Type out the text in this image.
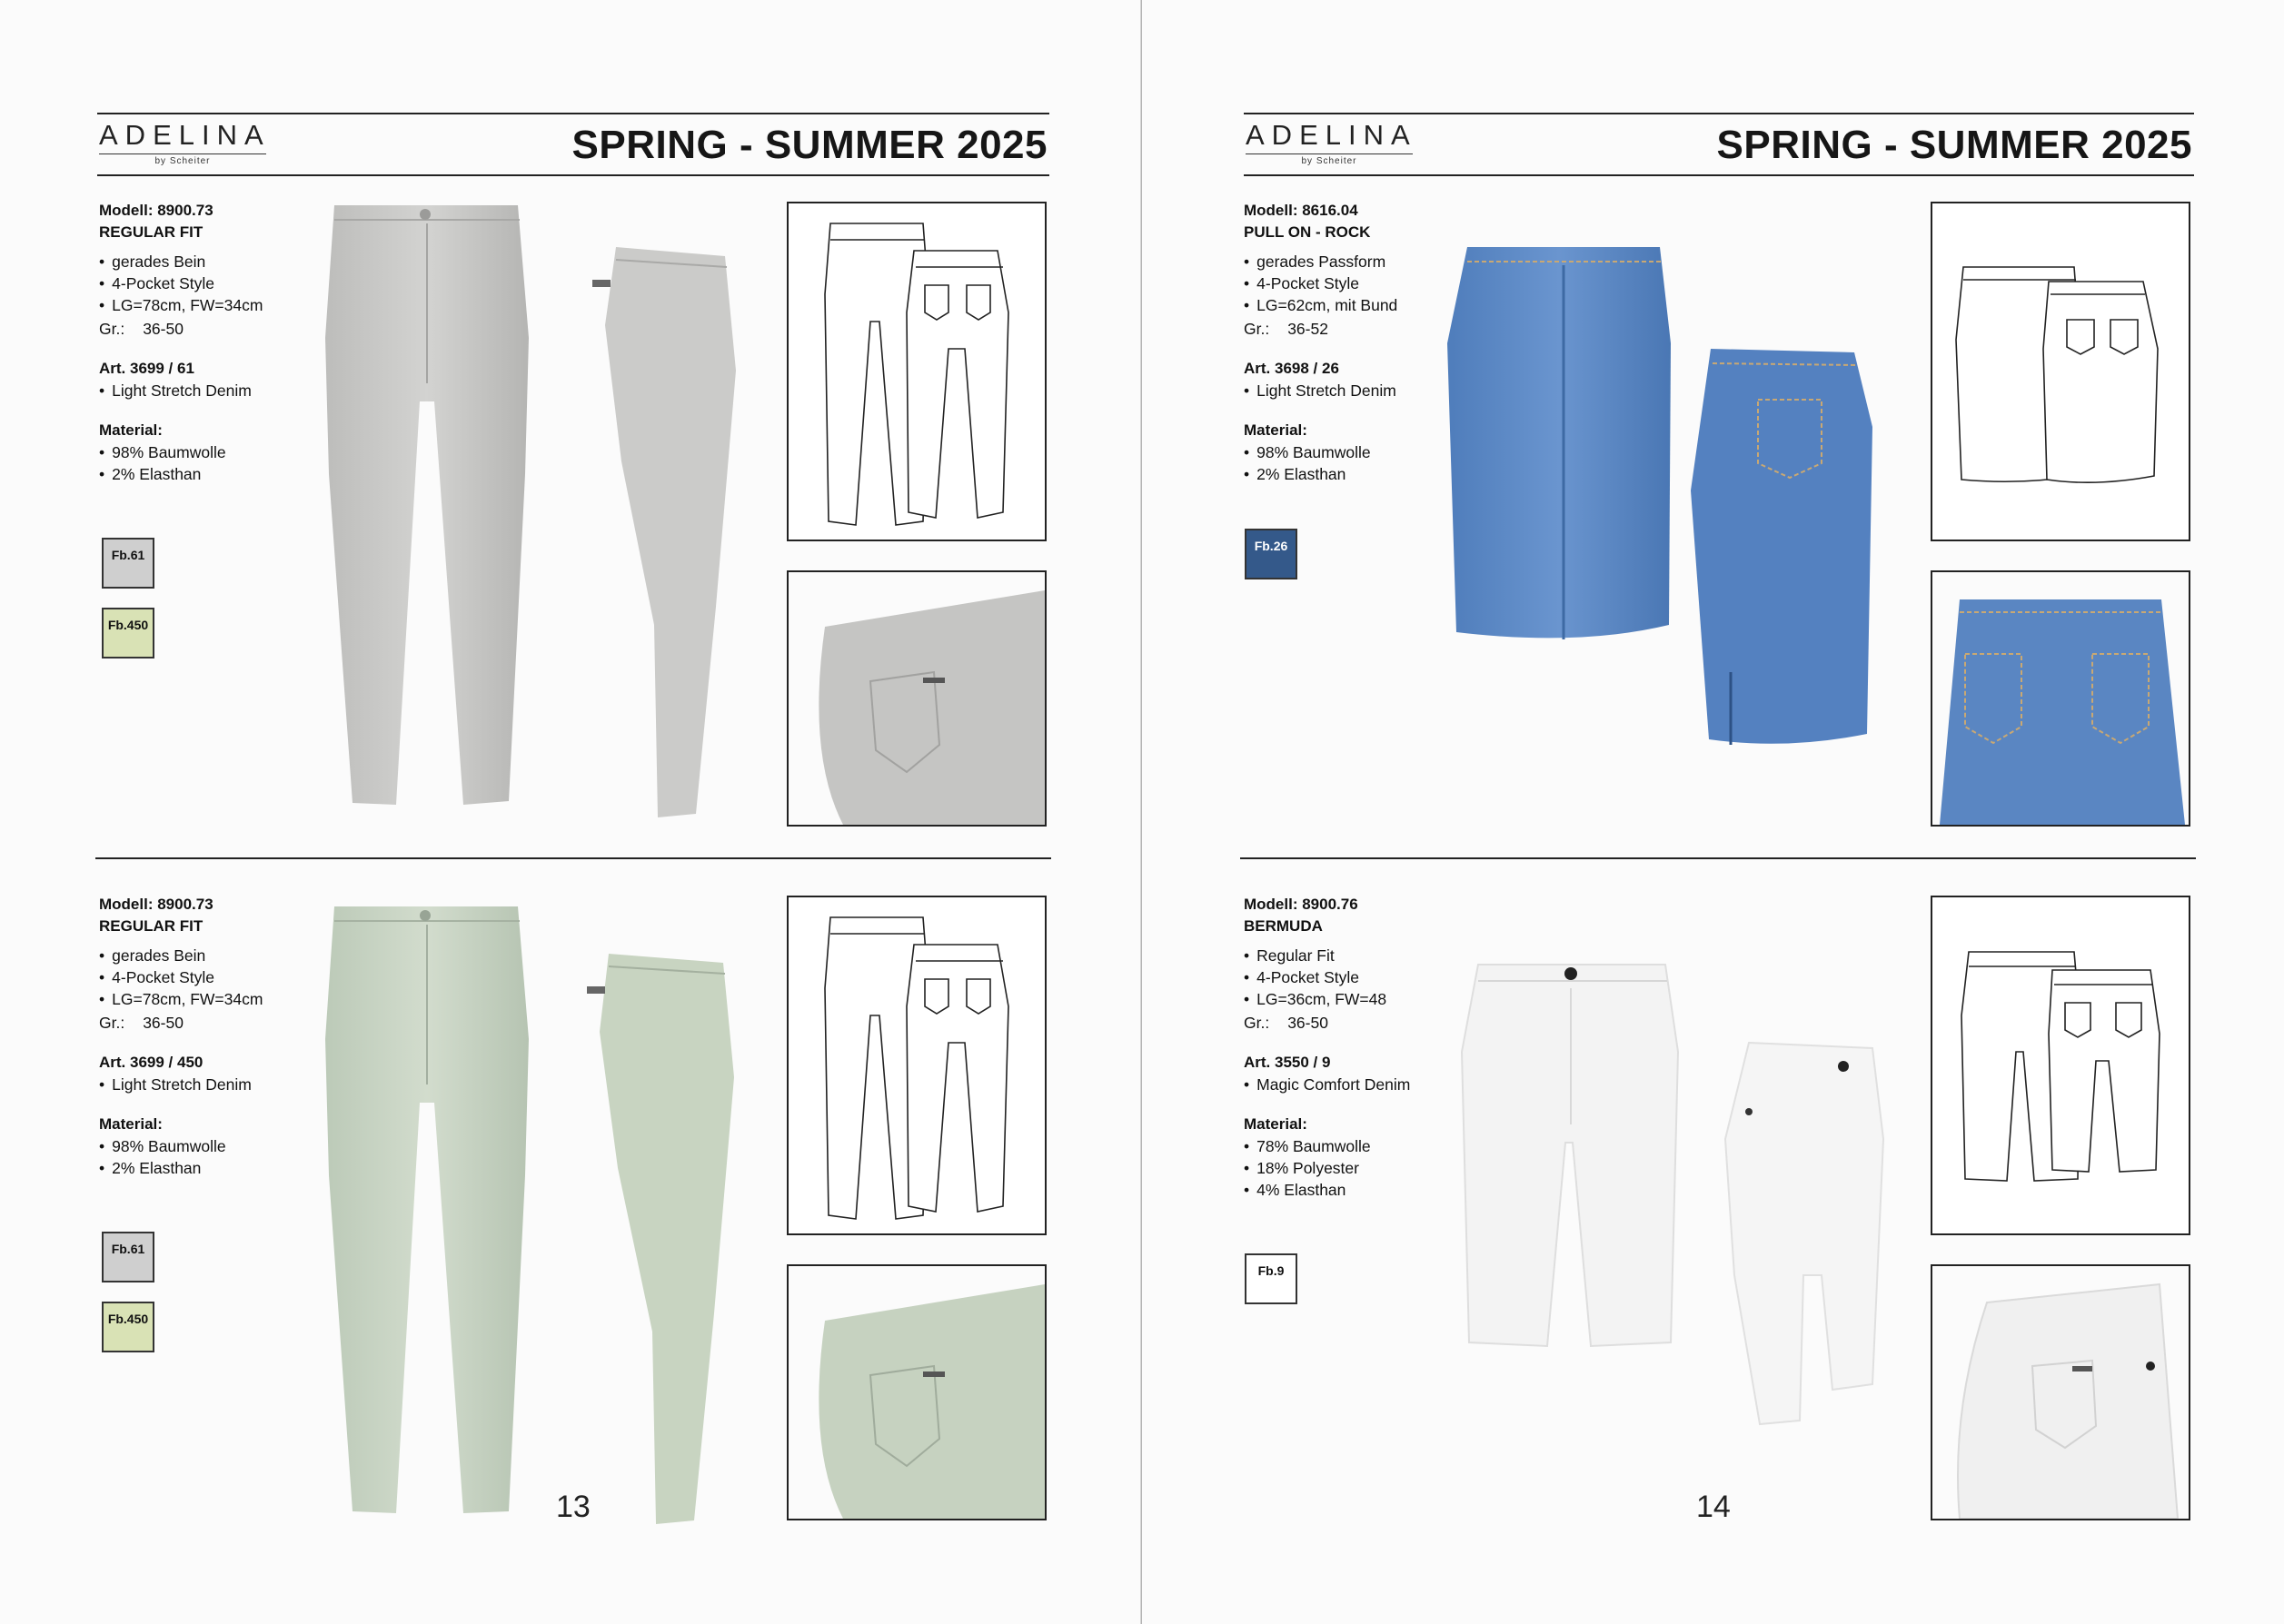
ADELINA
by Scheiter	SPRING - SUMMER 2025
Modell: 8900.73
REGULAR FIT
• gerades Bein
• 4-Pocket Style
• LG=78cm, FW=34cm
Gr.: 36-50
Art. 3699 / 61
• Light Stretch Denim
Material:
• 98% Baumwolle
• 2% Elasthan
Fb.61
Fb.450
Modell: 8900.73
REGULAR FIT
• gerades Bein
• 4-Pocket Style
• LG=78cm, FW=34cm
Gr.: 36-50
Art. 3699 / 450
• Light Stretch Denim
Material:
• 98% Baumwolle
• 2% Elasthan
Fb.61
Fb.450
13
ADELINA
by Scheiter	SPRING - SUMMER 2025
Modell: 8616.04
PULL ON - ROCK
• gerades Passform
• 4-Pocket Style
• LG=62cm, mit Bund
Gr.: 36-52
Art. 3698 / 26
• Light Stretch Denim
Material:
• 98% Baumwolle
• 2% Elasthan
Fb.26
Modell: 8900.76
BERMUDA
• Regular Fit
• 4-Pocket Style
• LG=36cm, FW=48
Gr.: 36-50
Art. 3550 / 9
• Magic Comfort Denim
Material:
• 78% Baumwolle
• 18% Polyester
• 4% Elasthan
Fb.9
14
